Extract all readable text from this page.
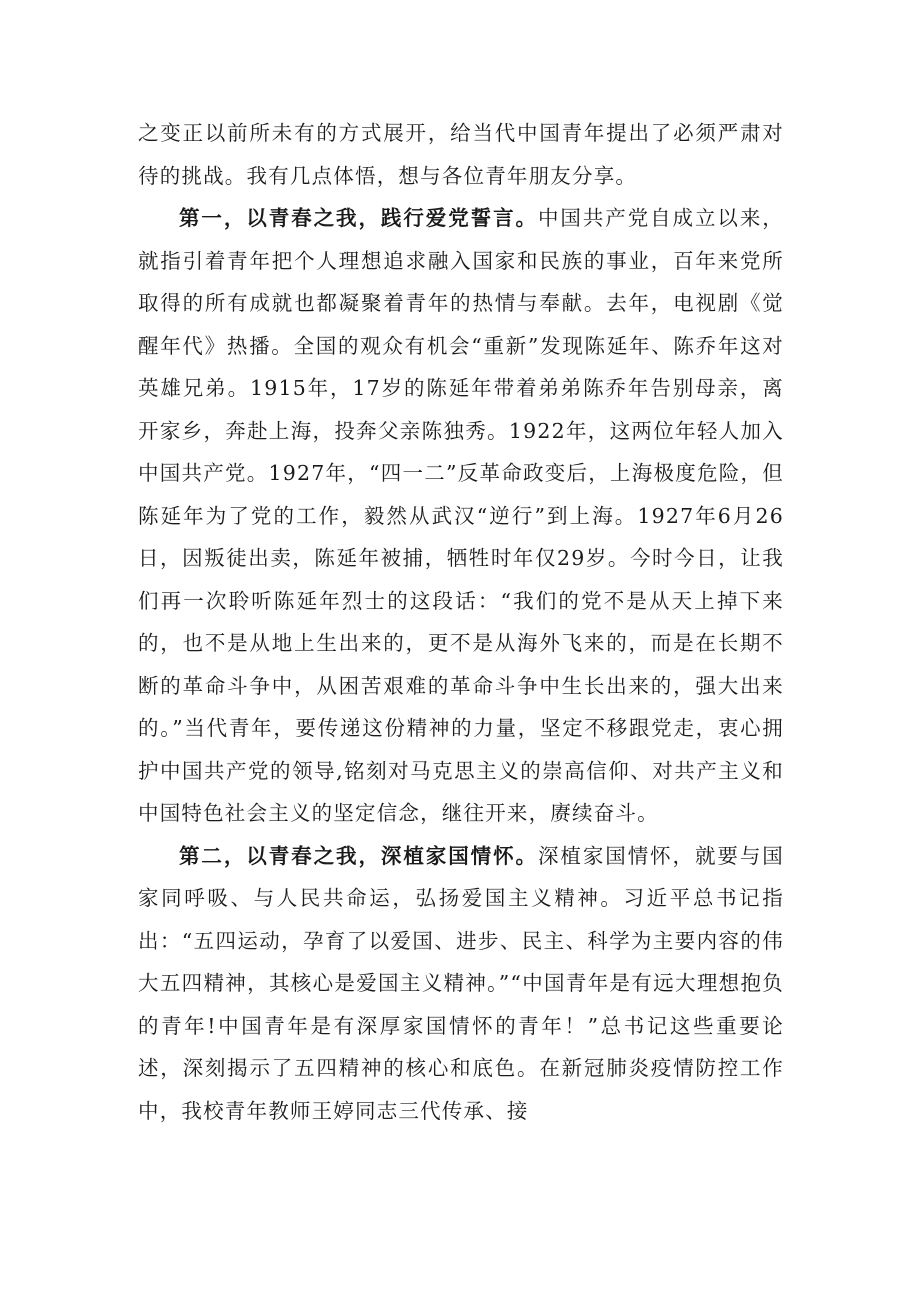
之变正以前所未有的方式展开，给当代中国青年提出了必须严肃对待的挑战。我有几点体悟，想与各位青年朋友分享。

第一，以青春之我，践行爱党誓言。中国共产党自成立以来，就指引着青年把个人理想追求融入国家和民族的事业，百年来党所取得的所有成就也都凝聚着青年的热情与奉献。去年，电视剧《觉醒年代》热播。全国的观众有机会“重新”发现陈延年、陈乔年这对英雄兄弟。1915年，17岁的陈延年带着弟弟陈乔年告别母亲，离开家乡，奔赴上海，投奔父亲陈独秀。1922年，这两位年轻人加入中国共产党。1927年，“四一二”反革命政变后，上海极度危险，但陈延年为了党的工作，毅然从武汉“逆行”到上海。1927年6月26日，因叛徒出卖，陈延年被捕，牺牲时年仅29岁。今时今日，让我们再一次聆听陈延年烈士的这段话：“我们的党不是从天上掉下来的，也不是从地上生出来的，更不是从海外飞来的，而是在长期不断的革命斗争中，从困苦艰难的革命斗争中生长出来的，强大出来的。”当代青年，要传递这份精神的力量，坚定不移跟党走，衷心拥护中国共产党的领导,铭刻对马克思主义的崇高信仰、对共产主义和中国特色社会主义的坚定信念，继往开来，赓续奋斗。

第二，以青春之我，深植家国情怀。深植家国情怀，就要与国家同呼吸、与人民共命运，弘扬爱国主义精神。习近平总书记指出：“五四运动，孕育了以爱国、进步、民主、科学为主要内容的伟大五四精神，其核心是爱国主义精神。”“中国青年是有远大理想抱负的青年!中国青年是有深厚家国情怀的青年！”总书记这些重要论述，深刻揭示了五四精神的核心和底色。在新冠肺炎疫情防控工作中，我校青年教师王婷同志三代传承、接
